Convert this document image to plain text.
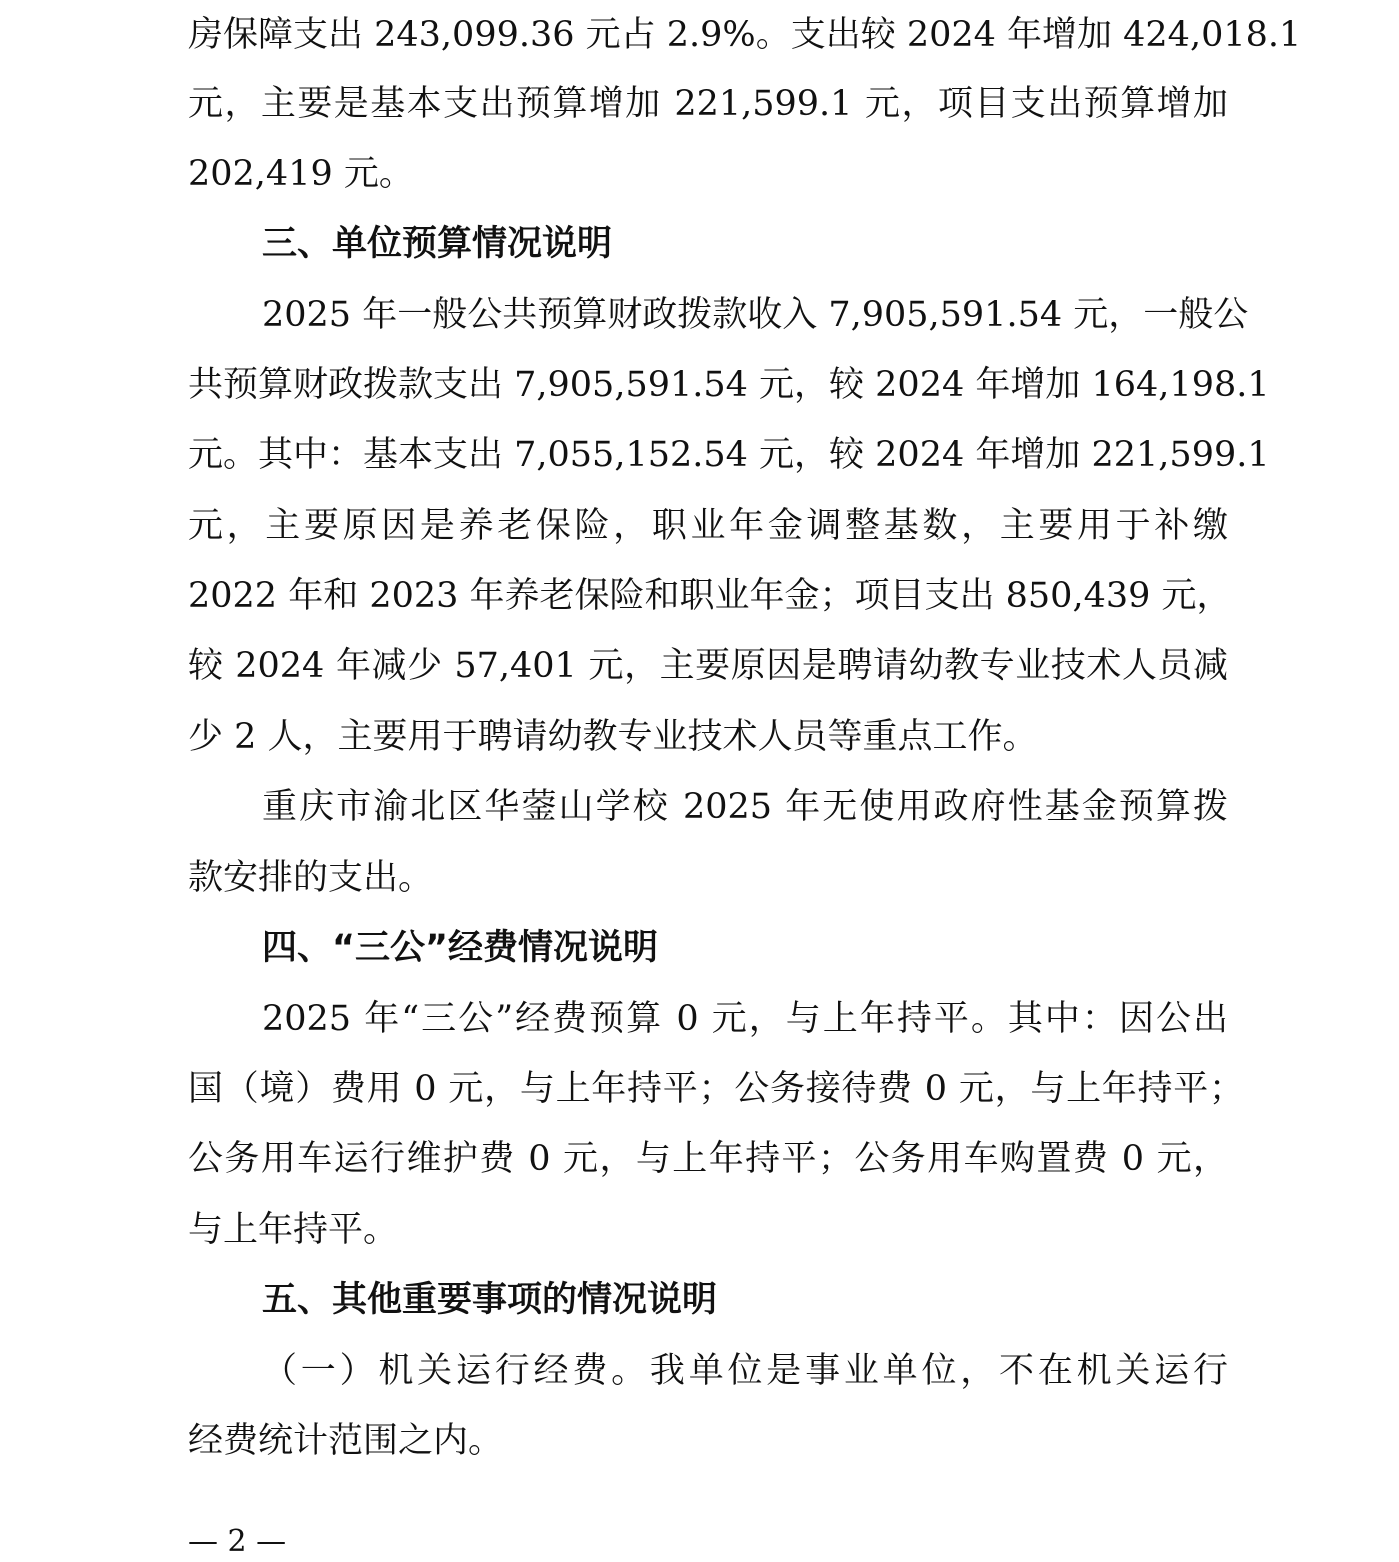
房保障支出 243,099.36 元占 2.9%。支出较 2024 年增加 424,018.1
元，主要是基本支出预算增加 221,599.1 元，项目支出预算增加
202,419 元。
三、单位预算情况说明
2025 年一般公共预算财政拨款收入 7,905,591.54 元，一般公
共预算财政拨款支出 7,905,591.54 元，较 2024 年增加 164,198.1
元。其中：基本支出 7,055,152.54 元，较 2024 年增加 221,599.1
元，主要原因是养老保险，职业年金调整基数，主要用于补缴
2022 年和 2023 年养老保险和职业年金；项目支出 850,439 元，
较 2024 年减少 57,401 元，主要原因是聘请幼教专业技术人员减
少 2 人，主要用于聘请幼教专业技术人员等重点工作。
重庆市渝北区华蓥山学校 2025 年无使用政府性基金预算拨
款安排的支出。
四、“三公”经费情况说明
2025 年“三公”经费预算 0 元，与上年持平。其中：因公出
国（境）费用 0 元，与上年持平；公务接待费 0 元，与上年持平；
公务用车运行维护费 0 元，与上年持平；公务用车购置费 0 元，
与上年持平。
五、其他重要事项的情况说明
（一）机关运行经费。我单位是事业单位，不在机关运行
经费统计范围之内。
— 2 —
